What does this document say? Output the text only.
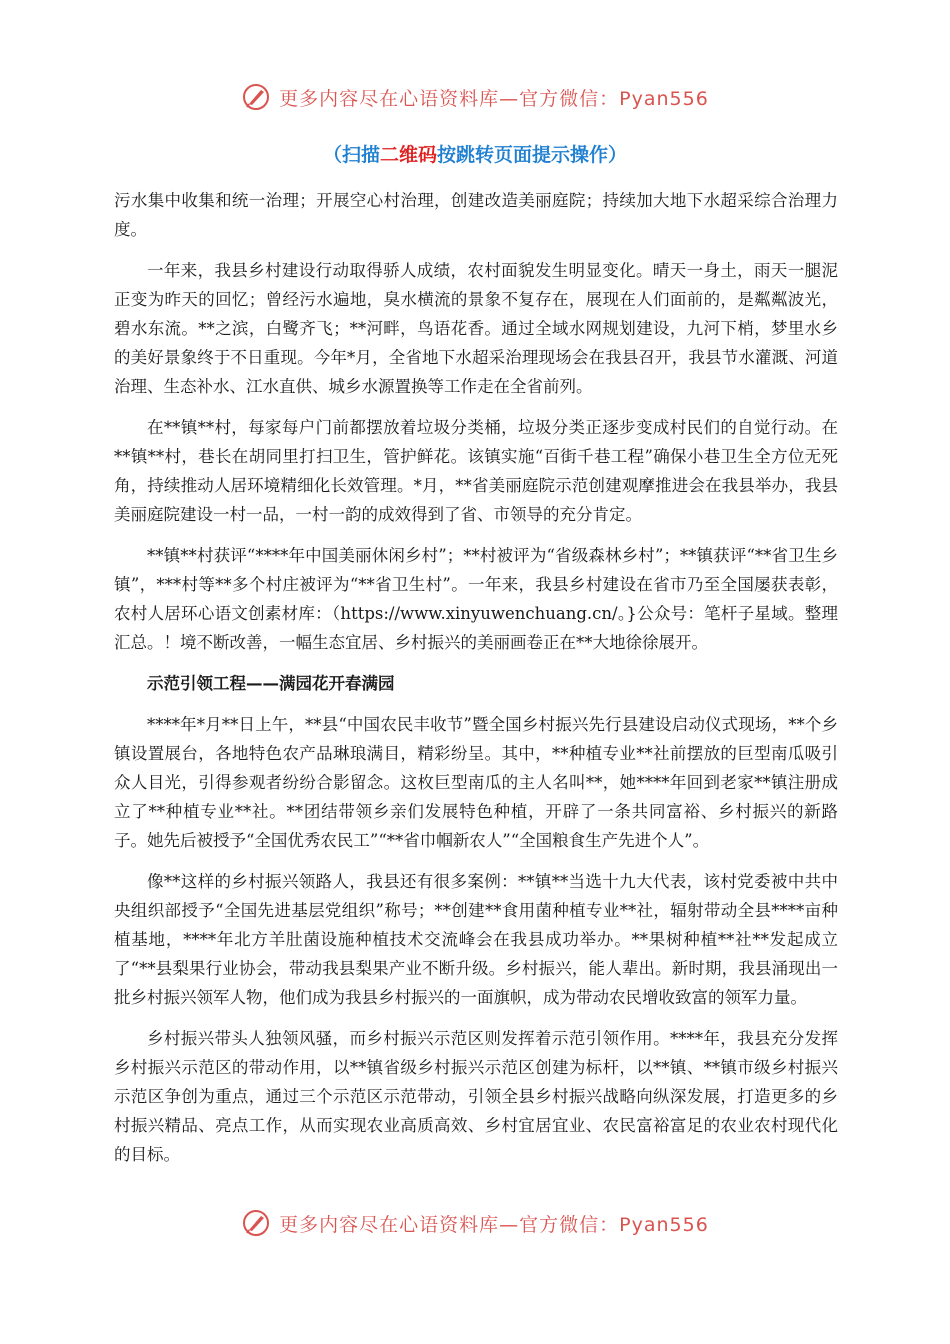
更多内容尽在心语资料库—官方微信：Pyan556
（扫描二维码按跳转页面提示操作）

污水集中收集和统一治理；开展空心村治理，创建改造美丽庭院；持续加大地下水超采综合治理力度。

一年来，我县乡村建设行动取得骄人成绩，农村面貌发生明显变化。晴天一身土，雨天一腿泥正变为昨天的回忆；曾经污水遍地，臭水横流的景象不复存在，展现在人们面前的，是粼粼波光，碧水东流。**之滨，白鹭齐飞；**河畔，鸟语花香。通过全域水网规划建设，九河下梢，梦里水乡的美好景象终于不日重现。今年*月，全省地下水超采治理现场会在我县召开，我县节水灌溉、河道治理、生态补水、江水直供、城乡水源置换等工作走在全省前列。

在**镇**村，每家每户门前都摆放着垃圾分类桶，垃圾分类正逐步变成村民们的自觉行动。在**镇**村，巷长在胡同里打扫卫生，管护鲜花。该镇实施“百街千巷工程”确保小巷卫生全方位无死角，持续推动人居环境精细化长效管理。*月，**省美丽庭院示范创建观摩推进会在我县举办，我县美丽庭院建设一村一品，一村一韵的成效得到了省、市领导的充分肯定。

**镇**村获评“****年中国美丽休闲乡村”；**村被评为“省级森林乡村”；**镇获评“**省卫生乡镇”，***村等**多个村庄被评为“**省卫生村”。一年来，我县乡村建设在省市乃至全国屡获表彰，农村人居环心语文创素材库：（https://www.xinyuwenchuang.cn/。}公众号：笔杆子星域。整理汇总。！境不断改善，一幅生态宜居、乡村振兴的美丽画卷正在**大地徐徐展开。

示范引领工程——满园花开春满园

****年*月**日上午，**县“中国农民丰收节”暨全国乡村振兴先行县建设启动仪式现场，**个乡镇设置展台，各地特色农产品琳琅满目，精彩纷呈。其中，**种植专业**社前摆放的巨型南瓜吸引众人目光，引得参观者纷纷合影留念。这枚巨型南瓜的主人名叫**，她****年回到老家**镇注册成立了**种植专业**社。**团结带领乡亲们发展特色种植，开辟了一条共同富裕、乡村振兴的新路子。她先后被授予“全国优秀农民工”“**省巾帼新农人”“全国粮食生产先进个人”。

像**这样的乡村振兴领路人，我县还有很多案例：**镇**当选十九大代表，该村党委被中共中央组织部授予“全国先进基层党组织”称号；**创建**食用菌种植专业**社，辐射带动全县****亩种植基地，****年北方羊肚菌设施种植技术交流峰会在我县成功举办。**果树种植**社**发起成立了“**县梨果行业协会，带动我县梨果产业不断升级。乡村振兴，能人辈出。新时期，我县涌现出一批乡村振兴领军人物，他们成为我县乡村振兴的一面旗帜，成为带动农民增收致富的领军力量。

乡村振兴带头人独领风骚，而乡村振兴示范区则发挥着示范引领作用。****年，我县充分发挥乡村振兴示范区的带动作用，以**镇省级乡村振兴示范区创建为标杆，以**镇、**镇市级乡村振兴示范区争创为重点，通过三个示范区示范带动，引领全县乡村振兴战略向纵深发展，打造更多的乡村振兴精品、亮点工作，从而实现农业高质高效、乡村宜居宜业、农民富裕富足的农业农村现代化的目标。

更多内容尽在心语资料库—官方微信：Pyan556
